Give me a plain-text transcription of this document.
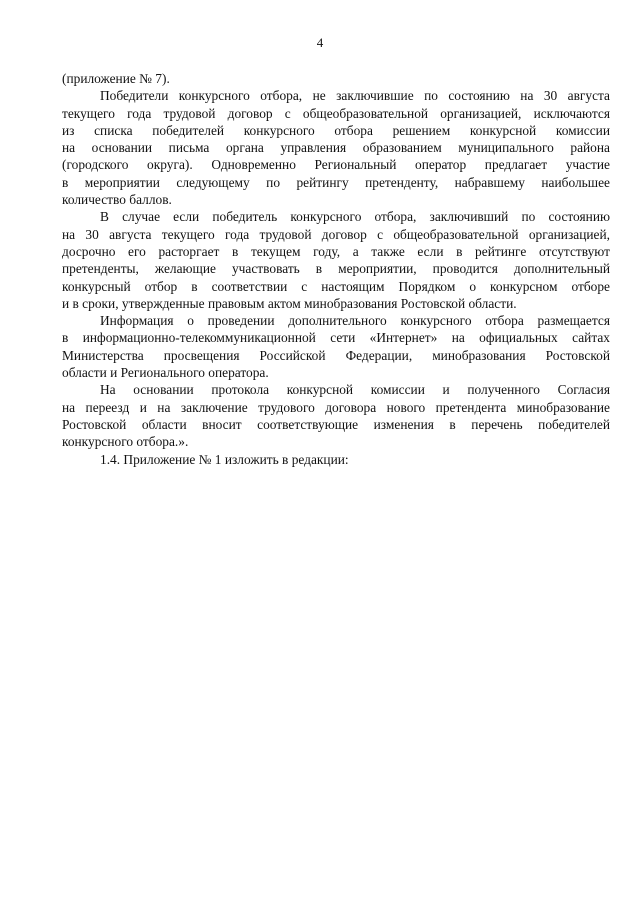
4
(приложение № 7).
Победители конкурсного отбора, не заключившие по состоянию на 30 августа
текущего года трудовой договор с общеобразовательной организацией, исключаются
из списка победителей конкурсного отбора решением конкурсной комиссии
на основании письма органа управления образованием муниципального района
(городского округа). Одновременно Региональный оператор предлагает участие
в мероприятии следующему по рейтингу претенденту, набравшему наибольшее
количество баллов.
В случае если победитель конкурсного отбора, заключивший по состоянию
на 30 августа текущего года трудовой договор с общеобразовательной организацией,
досрочно его расторгает в текущем году, а также если в рейтинге отсутствуют
претенденты, желающие участвовать в мероприятии, проводится дополнительный
конкурсный отбор в соответствии с настоящим Порядком о конкурсном отборе
и в сроки, утвержденные правовым актом минобразования Ростовской области.
Информация о проведении дополнительного конкурсного отбора размещается
в информационно-телекоммуникационной сети «Интернет» на официальных сайтах
Министерства просвещения Российской Федерации, минобразования Ростовской
области и Регионального оператора.
На основании протокола конкурсной комиссии и полученного Согласия
на переезд и на заключение трудового договора нового претендента минобразование
Ростовской области вносит соответствующие изменения в перечень победителей
конкурсного отбора.».
1.4. Приложение № 1 изложить в редакции:
